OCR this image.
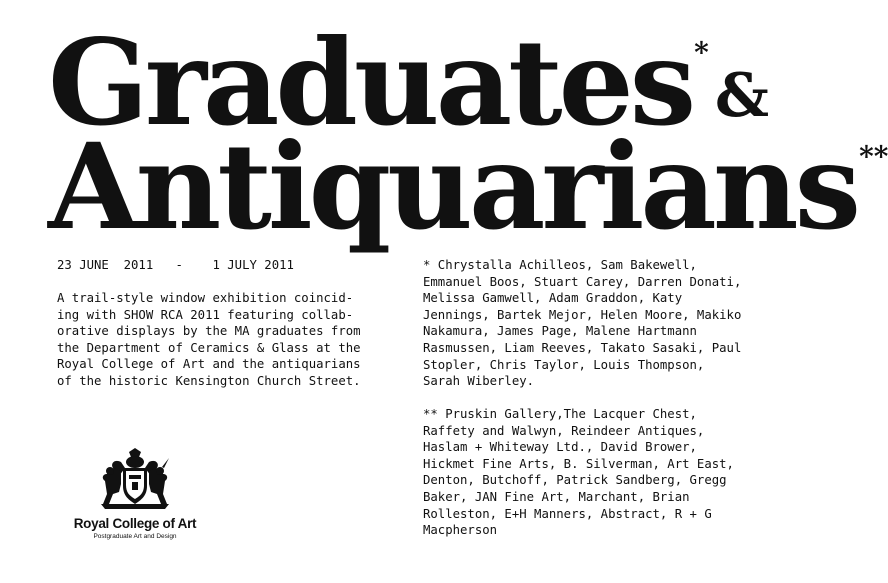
Graduates*&
Antiquarians**

23 JUNE  2011   -    1 JULY 2011

A trail-style window exhibition coincid-
ing with SHOW RCA 2011 featuring collab-
orative displays by the MA graduates from
the Department of Ceramics & Glass at the
Royal College of Art and the antiquarians
of the historic Kensington Church Street.

* Chrystalla Achilleos, Sam Bakewell,
Emmanuel Boos, Stuart Carey, Darren Donati,
Melissa Gamwell, Adam Graddon, Katy
Jennings, Bartek Mejor, Helen Moore, Makiko
Nakamura, James Page, Malene Hartmann
Rasmussen, Liam Reeves, Takato Sasaki, Paul
Stopler, Chris Taylor, Louis Thompson,
Sarah Wiberley.

** Pruskin Gallery,The Lacquer Chest,
Raffety and Walwyn, Reindeer Antiques,
Haslam + Whiteway Ltd., David Brower,
Hickmet Fine Arts, B. Silverman, Art East,
Denton, Butchoff, Patrick Sandberg, Gregg
Baker, JAN Fine Art, Marchant, Brian
Rolleston, E+H Manners, Abstract, R + G
Macpherson

Royal College of Art
Postgraduate Art and Design
